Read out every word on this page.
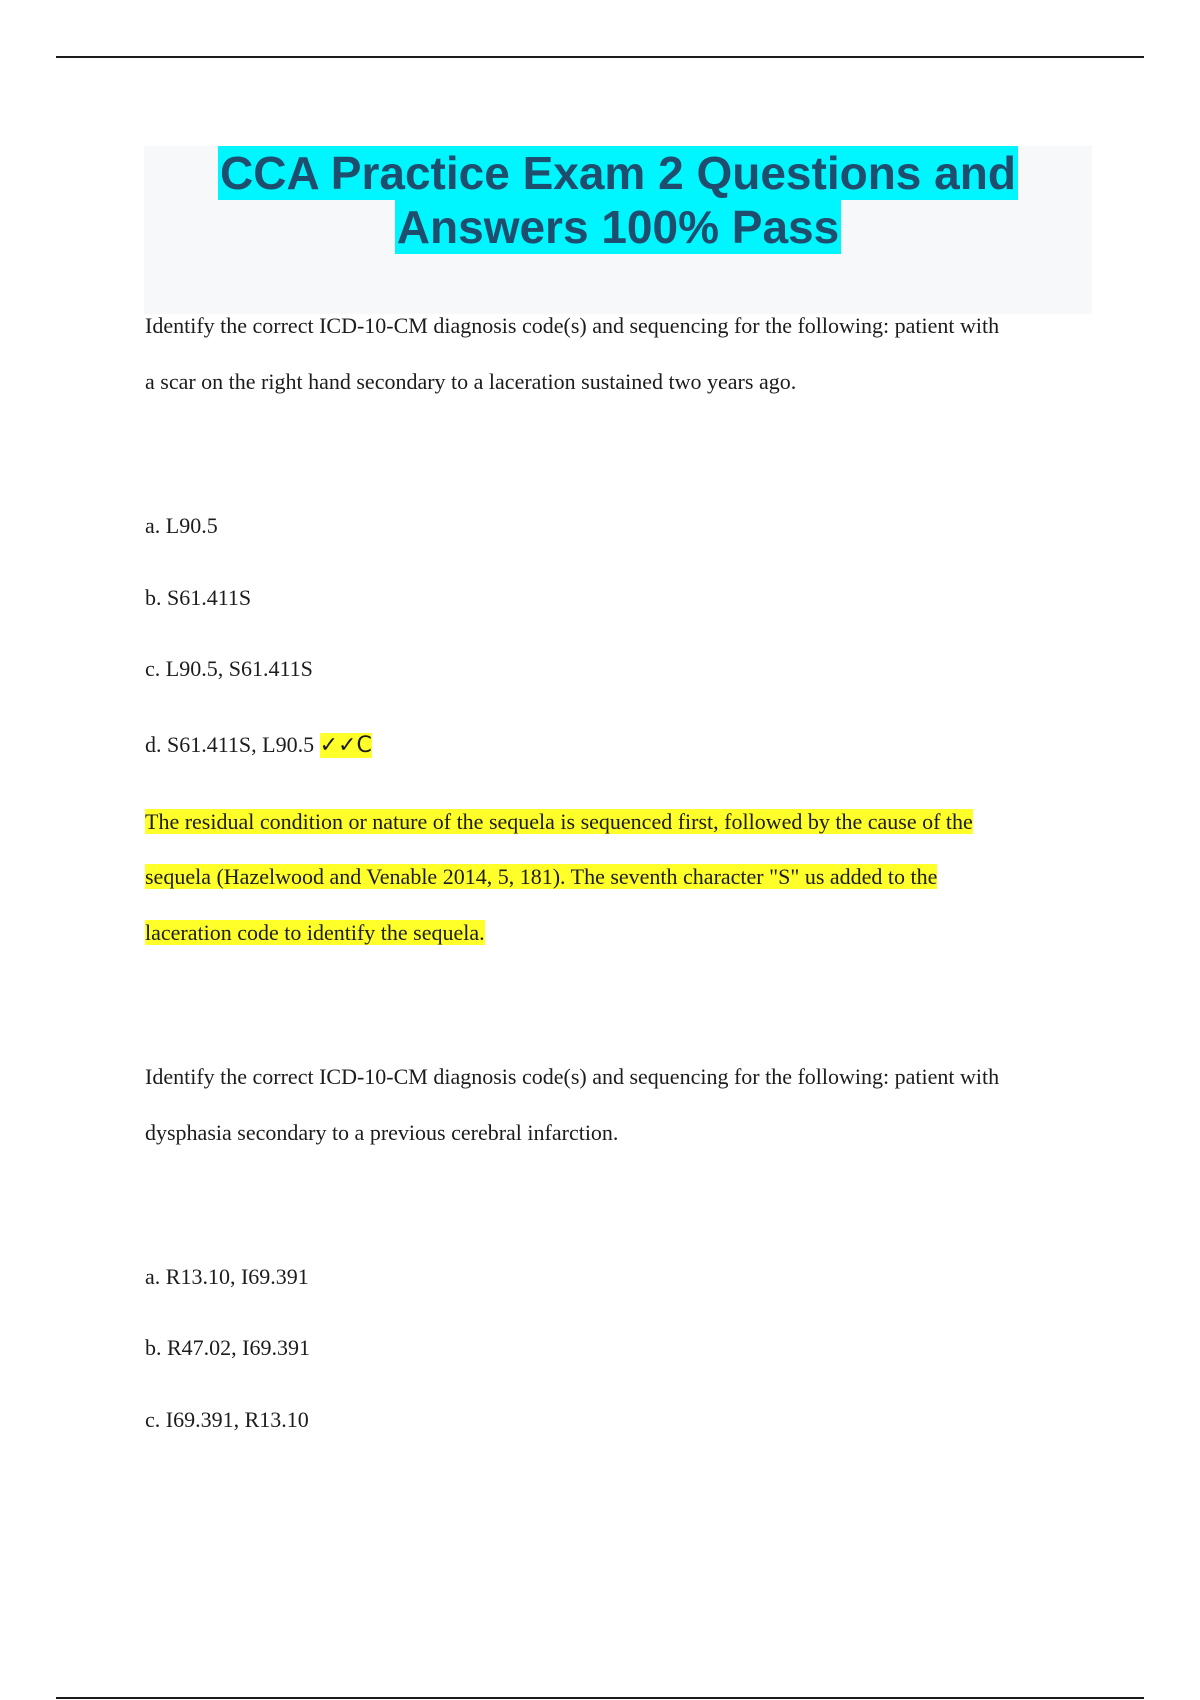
CCA Practice Exam 2 Questions and
Answers 100% Pass
Identify the correct ICD-10-CM diagnosis code(s) and sequencing for the following: patient with
a scar on the right hand secondary to a laceration sustained two years ago.
a. L90.5
b. S61.411S
c. L90.5, S61.411S
d. S61.411S, L90.5 ✓✓C
The residual condition or nature of the sequela is sequenced first, followed by the cause of the
sequela (Hazelwood and Venable 2014, 5, 181). The seventh character "S" us added to the
laceration code to identify the sequela.
Identify the correct ICD-10-CM diagnosis code(s) and sequencing for the following: patient with
dysphasia secondary to a previous cerebral infarction.
a. R13.10, I69.391
b. R47.02, I69.391
c. I69.391, R13.10
